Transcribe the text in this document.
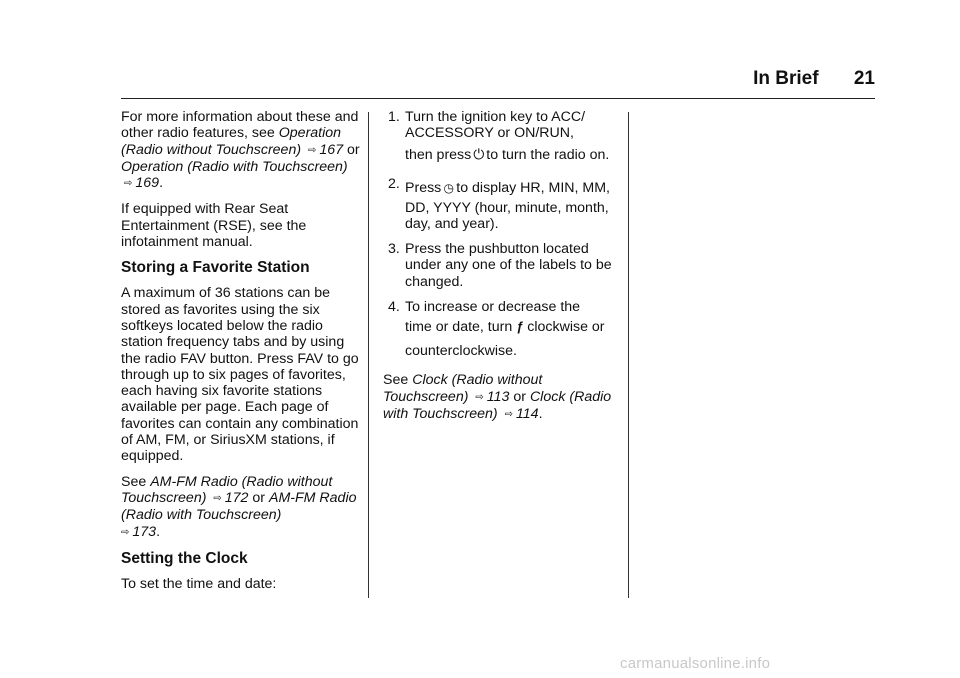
In Brief 21

For more information about these and other radio features, see Operation (Radio without Touchscreen) ⇨ 167 or Operation (Radio with Touchscreen) ⇨ 169.

If equipped with Rear Seat Entertainment (RSE), see the infotainment manual.

Storing a Favorite Station

A maximum of 36 stations can be stored as favorites using the six softkeys located below the radio station frequency tabs and by using the radio FAV button. Press FAV to go through up to six pages of favorites, each having six favorite stations available per page. Each page of favorites can contain any combination of AM, FM, or SiriusXM stations, if equipped.

See AM-FM Radio (Radio without Touchscreen) ⇨ 172 or AM-FM Radio (Radio with Touchscreen)
⇨ 173.

Setting the Clock

To set the time and date:

1. Turn the ignition key to ACC/ ACCESSORY or ON/RUN,
then press ⏻ to turn the radio on.
2. Press ◷ to display HR, MIN, MM, DD, YYYY (hour, minute, month, day, and year).
3. Press the pushbutton located under any one of the labels to be changed.
4. To increase or decrease the
time or date, turn ƒ clockwise or counterclockwise.

See Clock (Radio without Touchscreen) ⇨ 113 or Clock (Radio with Touchscreen) ⇨ 114.

carmanualsonline.info
